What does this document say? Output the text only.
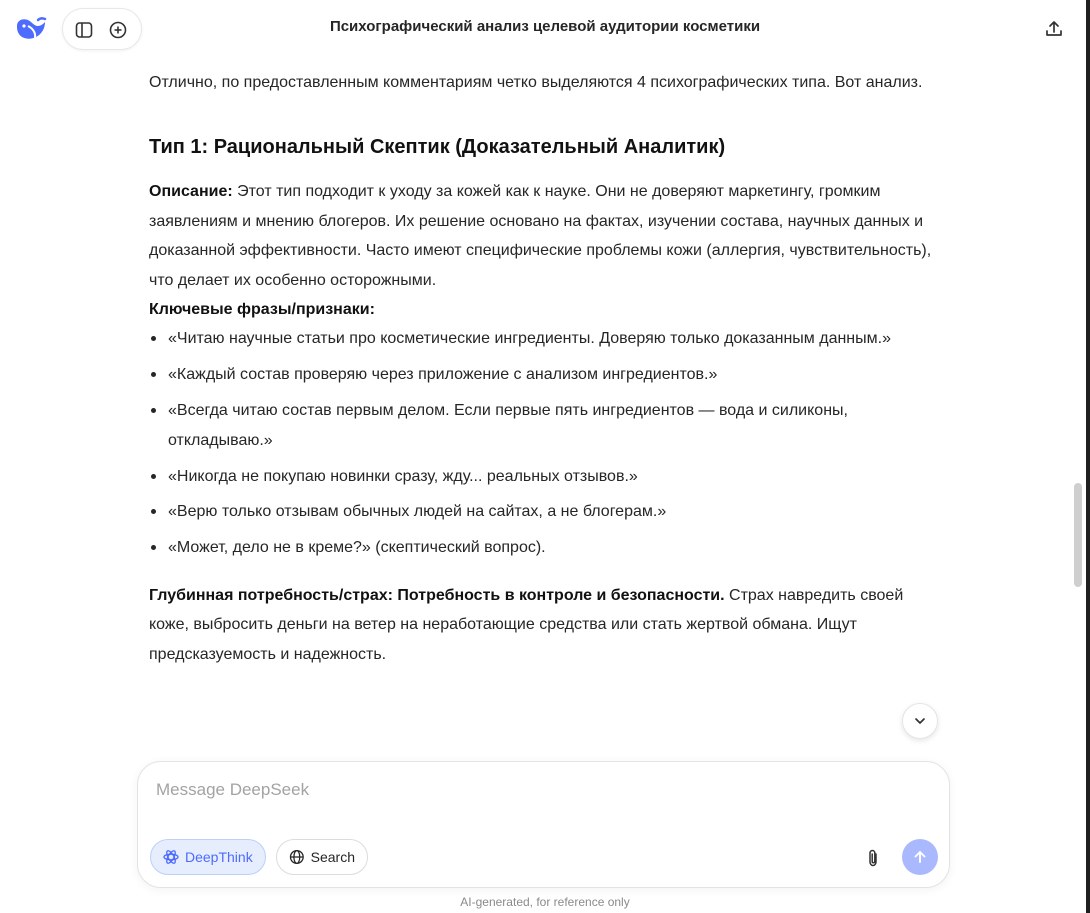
Психографический анализ целевой аудитории косметики

Отлично, по предоставленным комментариям четко выделяются 4 психографических типа. Вот анализ.

Тип 1: Рациональный Скептик (Доказательный Аналитик)

Описание: Этот тип подходит к уходу за кожей как к науке. Они не доверяют маркетингу, громким заявлениям и мнению блогеров. Их решение основано на фактах, изучении состава, научных данных и доказанной эффективности. Часто имеют специфические проблемы кожи (аллергия, чувствительность), что делает их особенно осторожными.

Ключевые фразы/признаки:

«Читаю научные статьи про косметические ингредиенты. Доверяю только доказанным данным.»
«Каждый состав проверяю через приложение с анализом ингредиентов.»
«Всегда читаю состав первым делом. Если первые пять ингредиентов — вода и силиконы, откладываю.»
«Никогда не покупаю новинки сразу, жду... реальных отзывов.»
«Верю только отзывам обычных людей на сайтах, а не блогерам.»
«Может, дело не в креме?» (скептический вопрос).

Глубинная потребность/страх: Потребность в контроле и безопасности. Страх навредить своей коже, выбросить деньги на ветер на неработающие средства или стать жертвой обмана. Ищут предсказуемость и надежность.

Message DeepSeek
DeepThink	Search
AI-generated, for reference only
